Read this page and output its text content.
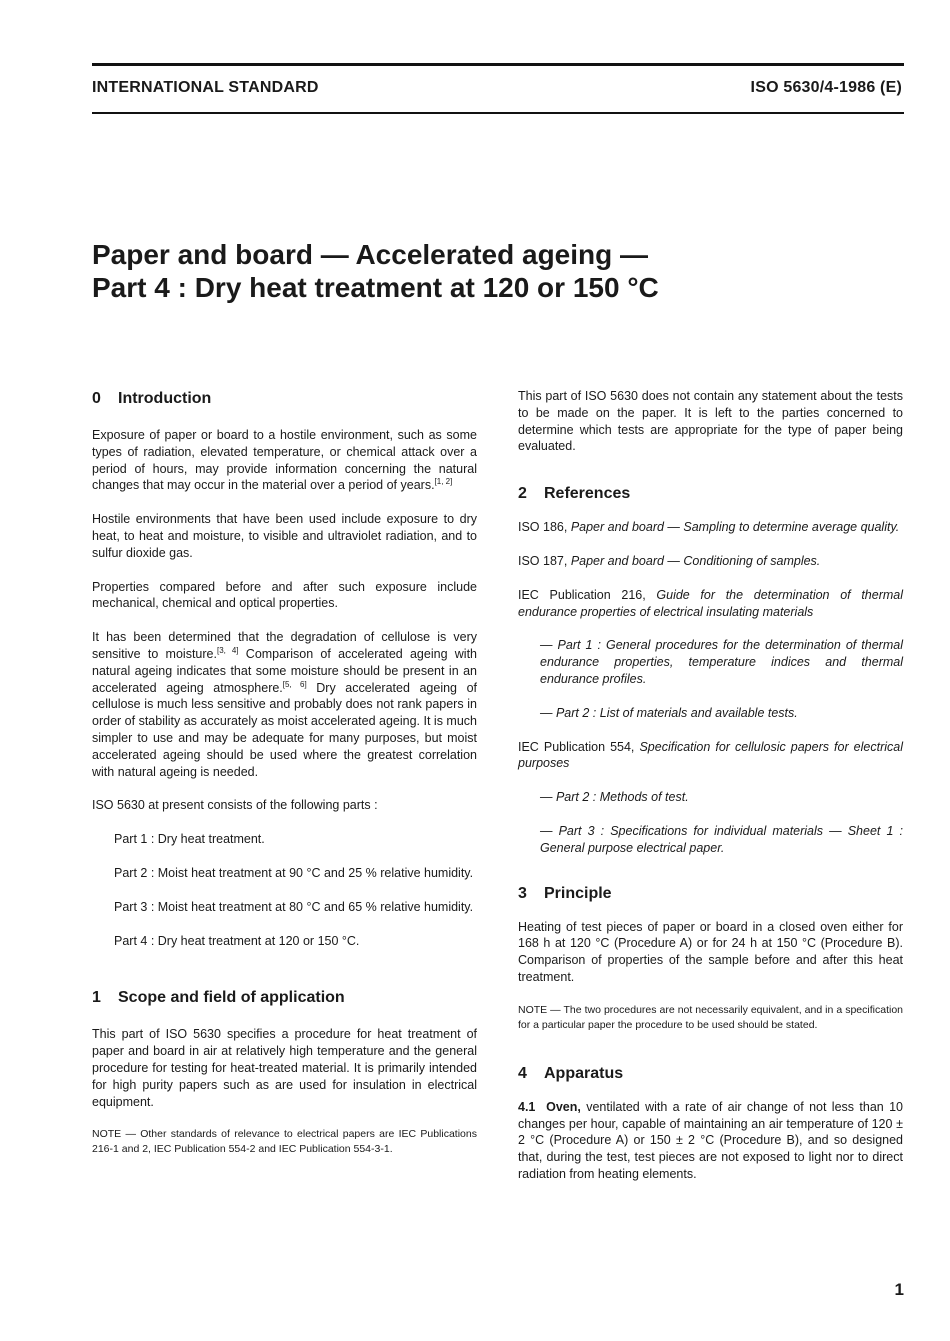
INTERNATIONAL STANDARD	ISO 5630/4-1986 (E)
Paper and board — Accelerated ageing —
Part 4 : Dry heat treatment at 120 or 150 °C
0 Introduction

Exposure of paper or board to a hostile environment, such as some types of radiation, elevated temperature, or chemical attack over a period of hours, may provide information concerning the natural changes that may occur in the material over a period of years.[1, 2]

Hostile environments that have been used include exposure to dry heat, to heat and moisture, to visible and ultraviolet radiation, and to sulfur dioxide gas.

Properties compared before and after such exposure include mechanical, chemical and optical properties.

It has been determined that the degradation of cellulose is very sensitive to moisture.[3, 4] Comparison of accelerated ageing with natural ageing indicates that some moisture should be present in an accelerated ageing atmosphere.[5, 6] Dry accelerated ageing of cellulose is much less sensitive and probably does not rank papers in order of stability as accurately as moist accelerated ageing. It is much simpler to use and may be adequate for many purposes, but moist accelerated ageing should be used where the greatest correlation with natural ageing is needed.

ISO 5630 at present consists of the following parts :

Part 1 : Dry heat treatment.

Part 2 : Moist heat treatment at 90 °C and 25 % relative humidity.

Part 3 : Moist heat treatment at 80 °C and 65 % relative humidity.

Part 4 : Dry heat treatment at 120 or 150 °C.

1 Scope and field of application

This part of ISO 5630 specifies a procedure for heat treatment of paper and board in air at relatively high temperature and the general procedure for testing for heat-treated material. It is primarily intended for high purity papers such as are used for insulation in electrical equipment.

NOTE — Other standards of relevance to electrical papers are IEC Publications 216-1 and 2, IEC Publication 554-2 and IEC Publication 554-3-1.

This part of ISO 5630 does not contain any statement about the tests to be made on the paper. It is left to the parties concerned to determine which tests are appropriate for the type of paper being evaluated.

2 References

ISO 186, Paper and board — Sampling to determine average quality.

ISO 187, Paper and board — Conditioning of samples.

IEC Publication 216, Guide for the determination of thermal endurance properties of electrical insulating materials

— Part 1 : General procedures for the determination of thermal endurance properties, temperature indices and thermal endurance profiles.

— Part 2 : List of materials and available tests.

IEC Publication 554, Specification for cellulosic papers for electrical purposes

— Part 2 : Methods of test.

— Part 3 : Specifications for individual materials — Sheet 1 : General purpose electrical paper.

3 Principle

Heating of test pieces of paper or board in a closed oven either for 168 h at 120 °C (Procedure A) or for 24 h at 150 °C (Procedure B). Comparison of properties of the sample before and after this heat treatment.

NOTE — The two procedures are not necessarily equivalent, and in a specification for a particular paper the procedure to be used should be stated.

4 Apparatus

4.1 Oven, ventilated with a rate of air change of not less than 10 changes per hour, capable of maintaining an air temperature of 120 ± 2 °C (Procedure A) or 150 ± 2 °C (Procedure B), and so designed that, during the test, test pieces are not exposed to light nor to direct radiation from heating elements.

1
